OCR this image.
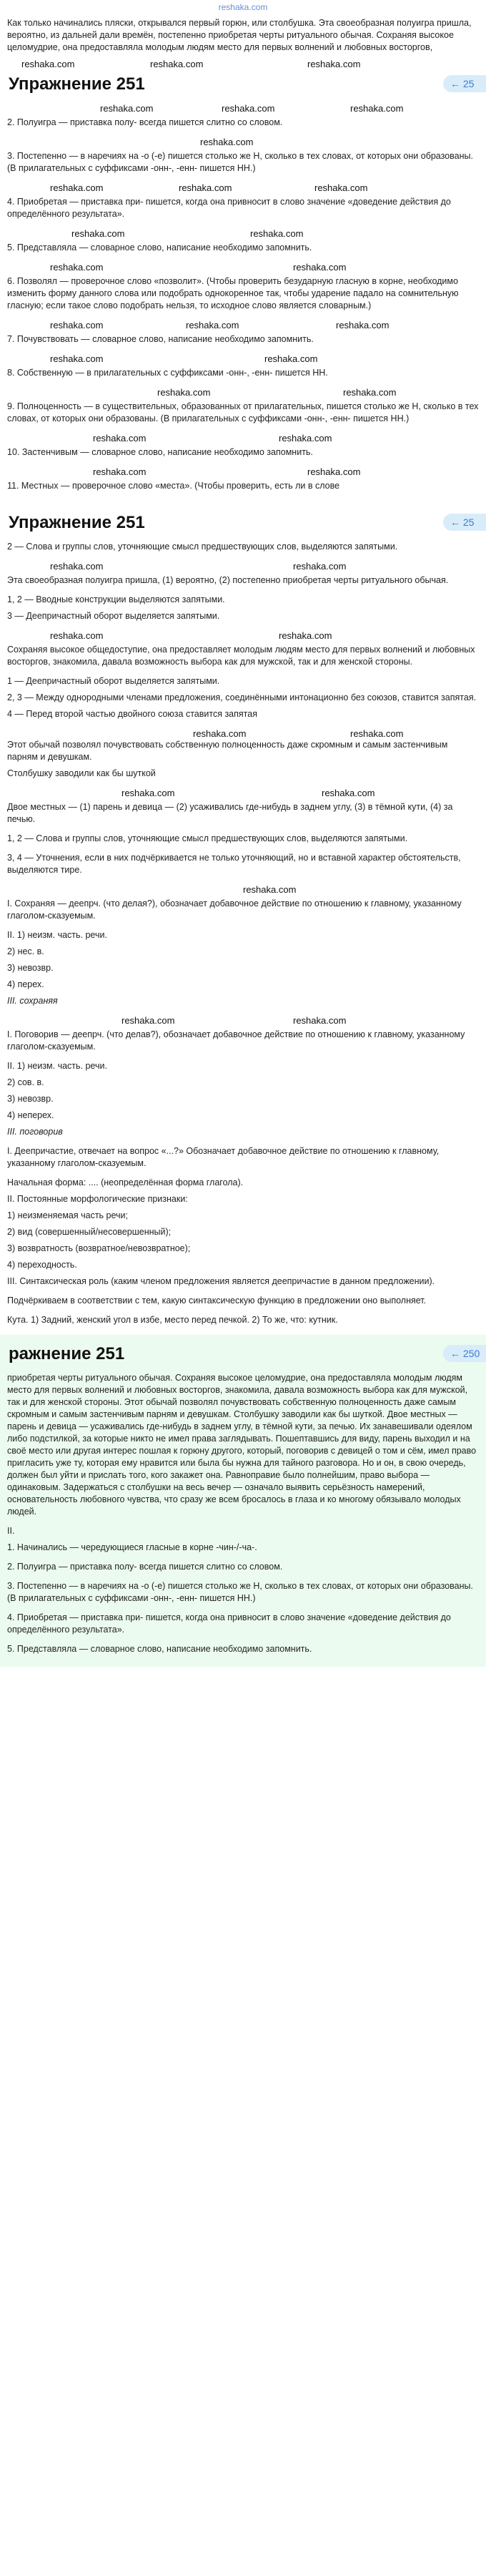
reshaka.com

Как только начинались пляски, открывался первый горюн, или столбушка. Эта своеобразная полуигра пришла, вероятно, из дальней дали времён, постепенно приобретая черты ритуального обычая. Сохраняя высокое целомудрие, она предоставляла молодым людям место для первых волнений и любовных восторгов,

reshaka.com	reshaka.com	reshaka.com
Упражнение 251	← 25
reshaka.com	reshaka.com	reshaka.com

2. Полуигра — приставка полу- всегда пишется слитно со словом.

reshaka.com

3. Постепенно — в наречиях на -о (-е) пишется столько же Н, сколько в тех словах, от которых они образованы. (В прилагательных с суффиксами -онн-, -енн- пишется НН.)

reshaka.com	reshaka.com	reshaka.com

4. Приобретая — приставка при- пишется, когда она привносит в слово значение «доведение действия до определённого результата».

reshaka.com	reshaka.com

5. Представляла — словарное слово, написание необходимо запомнить.

reshaka.com	reshaka.com

6. Позволял — проверочное слово «позволит». (Чтобы проверить безударную гласную в корне, необходимо изменить форму данного слова или подобрать однокоренное так, чтобы ударение падало на сомнительную гласную; если такое слово подобрать нельзя, то исходное слово является словарным.)

reshaka.com	reshaka.com	reshaka.com

7. Почувствовать — словарное слово, написание необходимо запомнить.

reshaka.com	reshaka.com

8. Собственную — в прилагательных с суффиксами -онн-, -енн- пишется НН.

reshaka.com	reshaka.com

9. Полноценность — в существительных, образованных от прилагательных, пишется столько же Н, сколько в тех словах, от которых они образованы. (В прилагательных с суффиксами -онн-, -енн- пишется НН.)

reshaka.com	reshaka.com

10. Застенчивым — словарное слово, написание необходимо запомнить.

reshaka.com	reshaka.com

11. Местных — проверочное слово «места». (Чтобы проверить, есть ли в слове

Упражнение 251	← 25

2 — Слова и группы слов, уточняющие смысл предшествующих слов, выделяются запятыми.

reshaka.com	reshaka.com

Эта своеобразная полуигра пришла, (1) вероятно, (2) постепенно приобретая черты ритуального обычая.

1, 2 — Вводные конструкции выделяются запятыми.

3 — Деепричастный оборот выделяется запятыми.

reshaka.com	reshaka.com

Сохраняя высокое общедоступие, она предоставляет молодым людям место для первых волнений и любовных восторгов, знакомила, давала возможность выбора как для мужской, так и для женской стороны.

1 — Деепричастный оборот выделяется запятыми.

2, 3 — Между однородными членами предложения, соединёнными интонационно без союзов, ставится запятая.

4 — Перед второй частью двойного союза ставится запятая

reshaka.com	reshaka.com

Этот обычай позволял почувствовать собственную полноценность даже скромным и самым застенчивым парням и девушкам.

Столбушку заводили как бы шуткой

reshaka.com	reshaka.com

Двое местных — (1) парень и девица — (2) усаживались где-нибудь в заднем углу, (3) в тёмной кути, (4) за печью.

1, 2 — Слова и группы слов, уточняющие смысл предшествующих слов, выделяются запятыми.

3, 4 — Уточнения, если в них подчёркивается не только уточняющий, но и вставной характер обстоятельств, выделяются тире.

reshaka.com

I. Сохраняя — деепрч. (что делая?), обозначает добавочное действие по отношению к главному, указанному глаголом-сказуемым.

II. 1) неизм. часть. речи.

2) нес. в.

3) невозвр.

4) перех.

III. сохраняя

reshaka.com	reshaka.com

I. Поговорив — деепрч. (что делав?), обозначает добавочное действие по отношению к главному, указанному глаголом-сказуемым.

II. 1) неизм. часть. речи.

2) сов. в.

3) невозвр.

4) неперех.

III. поговорив

I. Деепричастие, отвечает на вопрос «...?» Обозначает добавочное действие по отношению к главному, указанному глаголом-сказуемым.

Начальная форма: .... (неопределённая форма глагола).

II. Постоянные морфологические признаки:

1) неизменяемая часть речи;

2) вид (совершенный/несовершенный);

3) возвратность (возвратное/невозвратное);

4) переходность.

III. Синтаксическая роль (каким членом предложения является деепричастие в данном предложении).

Подчёркиваем в соответствии с тем, какую синтаксическую функцию в предложении оно выполняет.

Кута. 1) Задний, женский угол в избе, место перед печкой. 2) То же, что: кутник.

ражнение 251	← 250

приобретая черты ритуального обычая. Сохраняя высокое целомудрие, она предоставляла молодым людям место для первых волнений и любовных восторгов, знакомила, давала возможность выбора как для мужской, так и для женской стороны. Этот обычай позволял почувствовать собственную полноценность даже самым скромным и самым застенчивым парням и девушкам. Столбушку заводили как бы шуткой. Двое местных — парень и девица — усаживались где-нибудь в заднем углу, в тёмной кути, за печью. Их занавешивали одеялом либо подстилкой, за которые никто не имел права заглядывать. Пошептавшись для виду, парень выходил и на своё место или другая интерес пошлая к горюну другого, который, поговорив с девицей о том и сём, имел право пригласить уже ту, которая ему нравится или была бы нужна для тайного разговора. Но и он, в свою очередь, должен был уйти и прислать того, кого закажет она. Равноправие было полнейшим, право выбора — одинаковым. Задержаться с столбушки на весь вечер — означало выявить серьёзность намерений, основательность любовного чувства, что сразу же всем бросалось в глаза и ко многому обязывало молодых людей.

II.

1. Начинались — чередующиеся гласные в корне -чин-/-ча-.

2. Полуигра — приставка полу- всегда пишется слитно со словом.

3. Постепенно — в наречиях на -о (-е) пишется столько же Н, сколько в тех словах, от которых они образованы. (В прилагательных с суффиксами -онн-, -енн- пишется НН.)

4. Приобретая — приставка при- пишется, когда она привносит в слово значение «доведение действия до определённого результата».

5. Представляла — словарное слово, написание необходимо запомнить.
